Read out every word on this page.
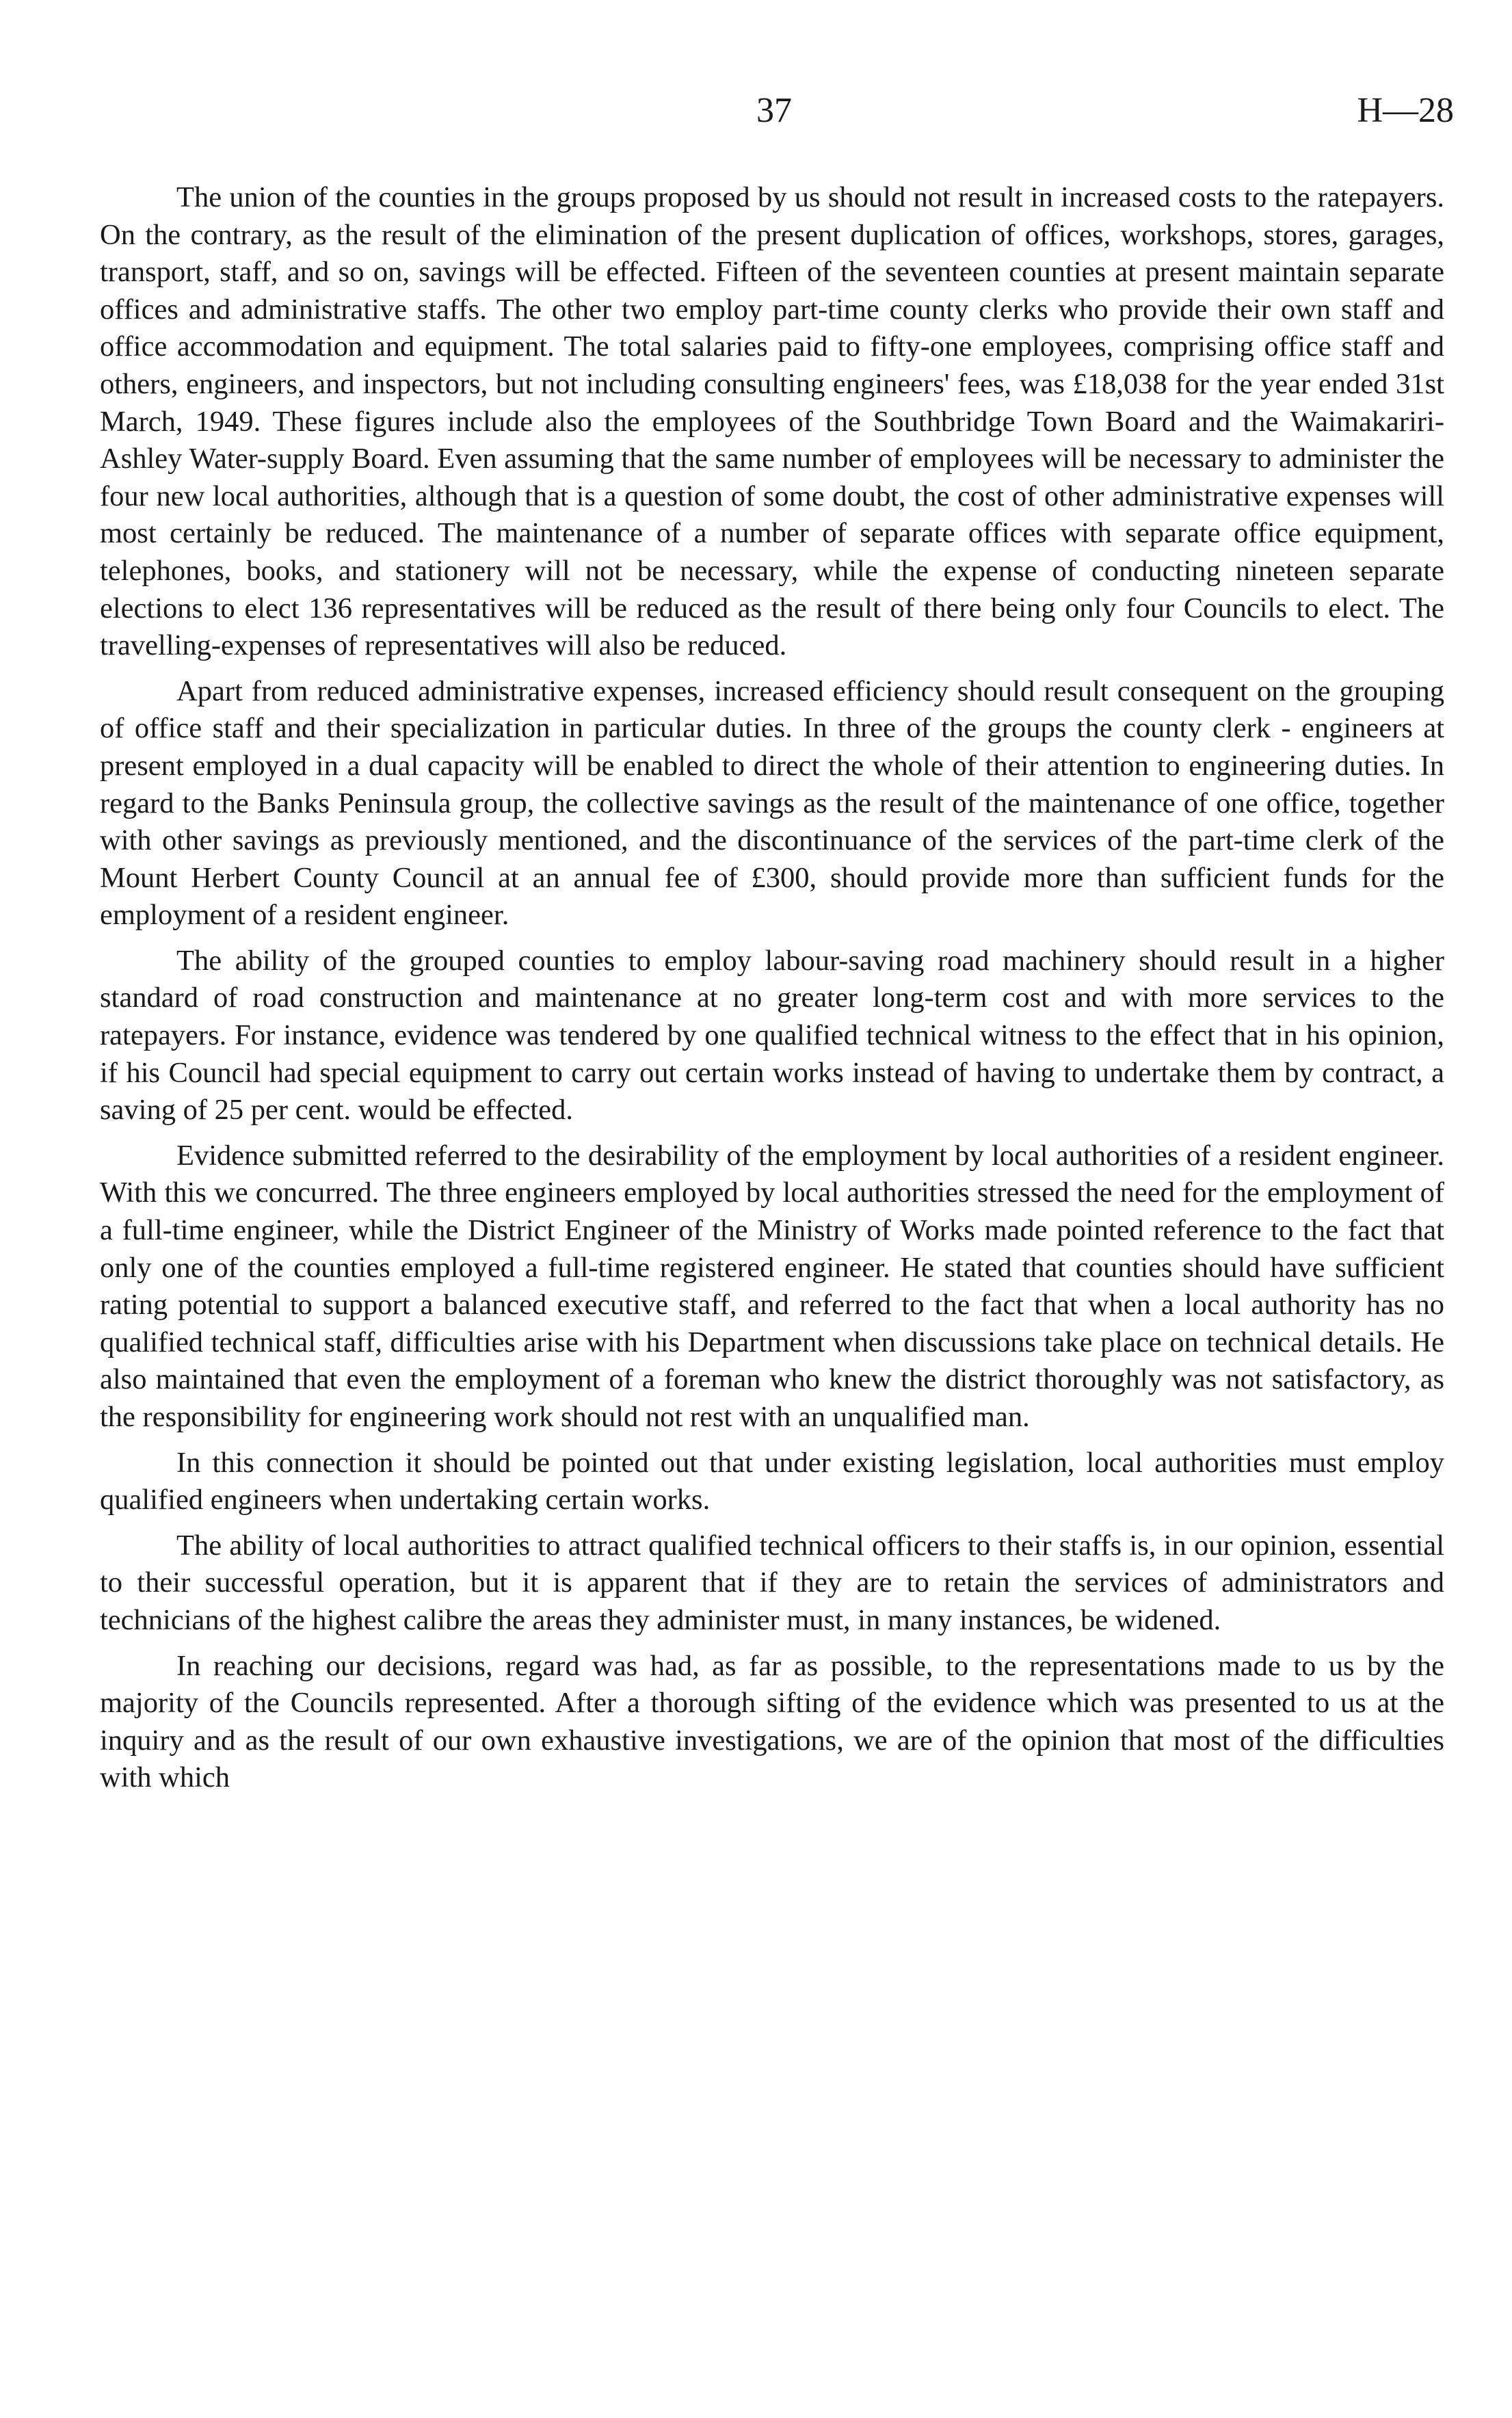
37	H—28

The union of the counties in the groups proposed by us should not result in increased costs to the ratepayers. On the contrary, as the result of the elimination of the present duplication of offices, workshops, stores, garages, transport, staff, and so on, savings will be effected. Fifteen of the seventeen counties at present maintain separate offices and administrative staffs. The other two employ part-time county clerks who provide their own staff and office accommodation and equipment. The total salaries paid to fifty-one employees, comprising office staff and others, engineers, and inspectors, but not including consulting engineers' fees, was £18,038 for the year ended 31st March, 1949. These figures include also the employees of the Southbridge Town Board and the Waimakariri-Ashley Water-supply Board. Even assuming that the same number of employees will be necessary to administer the four new local authorities, although that is a question of some doubt, the cost of other administrative expenses will most certainly be reduced. The maintenance of a number of separate offices with separate office equipment, telephones, books, and stationery will not be necessary, while the expense of conducting nineteen separate elections to elect 136 representatives will be reduced as the result of there being only four Councils to elect. The travelling-expenses of representatives will also be reduced.

Apart from reduced administrative expenses, increased efficiency should result consequent on the grouping of office staff and their specialization in particular duties. In three of the groups the county clerk - engineers at present employed in a dual capacity will be enabled to direct the whole of their attention to engineering duties. In regard to the Banks Peninsula group, the collective savings as the result of the maintenance of one office, together with other savings as previously mentioned, and the discontinuance of the services of the part-time clerk of the Mount Herbert County Council at an annual fee of £300, should provide more than sufficient funds for the employment of a resident engineer.

The ability of the grouped counties to employ labour-saving road machinery should result in a higher standard of road construction and maintenance at no greater long-term cost and with more services to the ratepayers. For instance, evidence was tendered by one qualified technical witness to the effect that in his opinion, if his Council had special equipment to carry out certain works instead of having to undertake them by contract, a saving of 25 per cent. would be effected.

Evidence submitted referred to the desirability of the employment by local authorities of a resident engineer. With this we concurred. The three engineers employed by local authorities stressed the need for the employment of a full-time engineer, while the District Engineer of the Ministry of Works made pointed reference to the fact that only one of the counties employed a full-time registered engineer. He stated that counties should have sufficient rating potential to support a balanced executive staff, and referred to the fact that when a local authority has no qualified technical staff, difficulties arise with his Department when discussions take place on technical details. He also maintained that even the employment of a foreman who knew the district thoroughly was not satisfactory, as the responsibility for engineering work should not rest with an unqualified man.

In this connection it should be pointed out that under existing legislation, local authorities must employ qualified engineers when undertaking certain works.

The ability of local authorities to attract qualified technical officers to their staffs is, in our opinion, essential to their successful operation, but it is apparent that if they are to retain the services of administrators and technicians of the highest calibre the areas they administer must, in many instances, be widened.

In reaching our decisions, regard was had, as far as possible, to the representations made to us by the majority of the Councils represented. After a thorough sifting of the evidence which was presented to us at the inquiry and as the result of our own exhaustive investigations, we are of the opinion that most of the difficulties with which
